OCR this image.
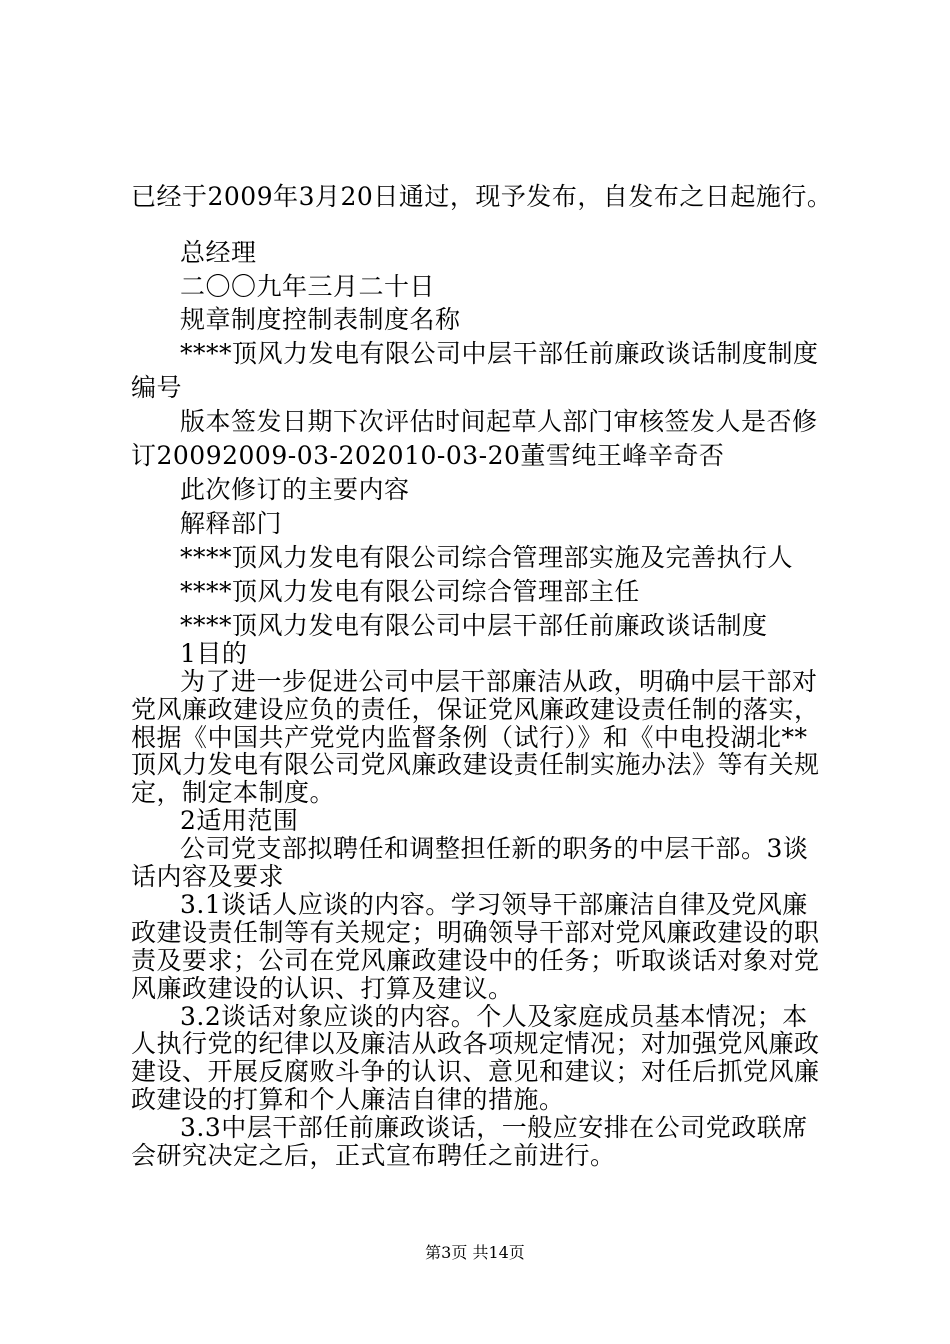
已经于2009年3月20日通过，现予发布，自发布之日起施行。
总经理
二〇〇九年三月二十日
规章制度控制表制度名称
****顶风力发电有限公司中层干部任前廉政谈话制度制度
编号
版本签发日期下次评估时间起草人部门审核签发人是否修
订20092009-03-202010-03-20董雪纯王峰辛奇否
此次修订的主要内容
解释部门
****顶风力发电有限公司综合管理部实施及完善执行人
****顶风力发电有限公司综合管理部主任
****顶风力发电有限公司中层干部任前廉政谈话制度
1目的
为了进一步促进公司中层干部廉洁从政，明确中层干部对
党风廉政建设应负的责任，保证党风廉政建设责任制的落实，
根据《中国共产党党内监督条例（试行）》和《中电投湖北**
顶风力发电有限公司党风廉政建设责任制实施办法》等有关规
定，制定本制度。
2适用范围
公司党支部拟聘任和调整担任新的职务的中层干部。3谈
话内容及要求
3.1谈话人应谈的内容。学习领导干部廉洁自律及党风廉
政建设责任制等有关规定；明确领导干部对党风廉政建设的职
责及要求；公司在党风廉政建设中的任务；听取谈话对象对党
风廉政建设的认识、打算及建议。
3.2谈话对象应谈的内容。个人及家庭成员基本情况；本
人执行党的纪律以及廉洁从政各项规定情况；对加强党风廉政
建设、开展反腐败斗争的认识、意见和建议；对任后抓党风廉
政建设的打算和个人廉洁自律的措施。
3.3中层干部任前廉政谈话，一般应安排在公司党政联席
会研究决定之后，正式宣布聘任之前进行。
第3页 共14页
